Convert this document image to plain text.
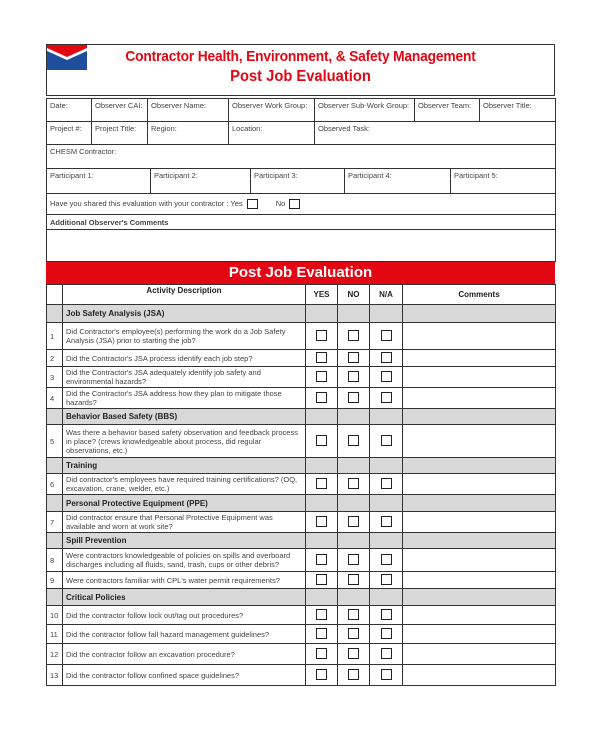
Contractor Health, Environment, & Safety Management
Post Job Evaluation
Date:	Observer CAI:	Observer Name:	Observer Work Group:	Observer Sub-Work Group:	Observer Team:	Observer Title:
Project #:	Project Title:	Region:	Location:	Observed Task:		
CHESM Contractor:						
Participant 1:	Participant 2:	Participant 3:	Participant 4:	Participant 5:
Have you shared this evaluation with your contractor : Yes	No
Additional Observer's Comments

Post Job Evaluation
	Activity Description	YES	NO	N/A	Comments
	Job Safety Analysis (JSA)				
1	Did Contractor's employee(s) performing the work do a Job Safety Analysis (JSA) prior to starting the job?				
2	Did the Contractor's JSA process identify each job step?				
3	Did the Contractor's JSA adequately identify job safety and environmental hazards?				
4	Did the Contractor's JSA address how they plan to mitigate those hazards?				
	Behavior Based Safety (BBS)				
5	Was there a behavior based safety observation and feedback process in place? (crews knowledgeable about process, did regular observations, etc.)				
	Training				
6	Did contractor's employees have required training certifications? (OQ, excavation, crane, welder, etc.)				
	Personal Protective Equipment (PPE)				
7	Did contractor ensure that Personal Protective Equipment was available and worn at work site?				
	Spill Prevention				
8	Were contractors knowledgeable of policies on spills and overboard discharges including all fluids, sand, trash, cups or other debris?				
9	Were contractors familiar with CPL's water permit requirements?				
	Critical Policies				
10	Did the contractor follow lock out/tag out procedures?				
11	Did the contractor follow fall hazard management guidelines?				
12	Did the contractor follow an excavation procedure?				
13	Did the contractor follow confined space guidelines?				
